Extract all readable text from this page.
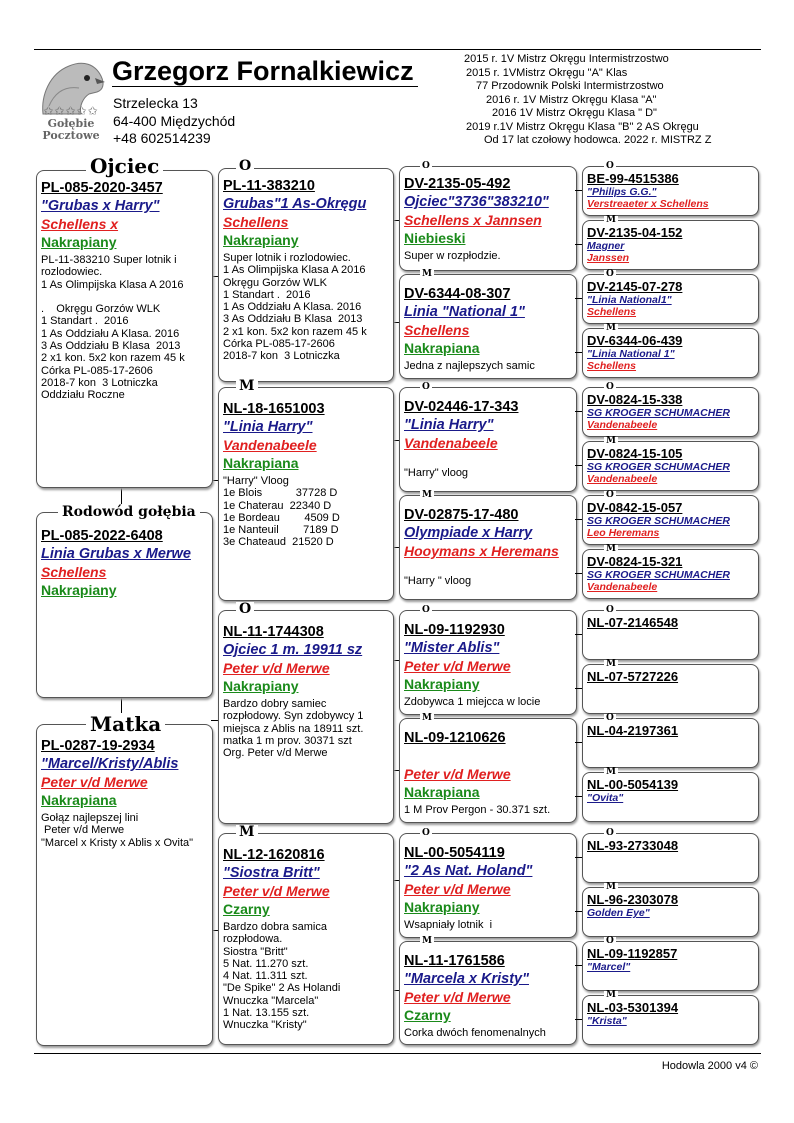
✩✩✩✩✩
Gołębie
Pocztowe
Grzegorz Fornalkiewicz
Strzelecka 13
64-400 Międzychód
+48 602514239
2015 r. 1V Mistrz Okręgu Intermistrzostwo
2015 r. 1VMistrz Okręgu "A" Klas
77 Przodownik Polski Intermistrzostwo
2016 r. 1V Mistrz Okręgu Klasa "A"
2016 1V Mistrz Okręgu Klasa " D"
2019 r.1V Mistrz Okręgu Klasa "B" 2 AS Okręgu
Od 17 lat czołowy hodowca. 2022 r. MISTRZ Z
PL-085-2020-3457
"Grubas x Harry"
Schellens x
Nakrapiany
PL-11-383210 Super lotnik i
rozlodowiec.
1 As Olimpijska Klasa A 2016

.    Okręgu Gorzów WLK
1 Standart .  2016
1 As Oddziału A Klasa. 2016
3 As Oddziału B Klasa  2013
2 x1 kon. 5x2 kon razem 45 k
Córka PL-085-17-2606
2018-7 kon  3 Lotniczka
Oddziału Roczne
Ojciec
PL-085-2022-6408
Linia Grubas x Merwe
Schellens
Nakrapiany
Rodowód gołębia
PL-0287-19-2934
"Marcel/Kristy/Ablis
Peter v/d Merwe
Nakrapiana
Gołąz najlepszej lini
Peter v/d Merwe
"Marcel x Kristy x Ablis x Ovita"
Matka
PL-11-383210
Grubas"1 As-Okręgu
Schellens
Nakrapiany
Super lotnik i rozlodowiec.
1 As Olimpijska Klasa A 2016
Okręgu Gorzów WLK
1 Standart .  2016
1 As Oddziału A Klasa. 2016
3 As Oddziału B Klasa  2013
2 x1 kon. 5x2 kon razem 45 k
Córka PL-085-17-2606
2018-7 kon  3 Lotniczka
O
NL-18-1651003
"Linia Harry"
Vandenabeele
Nakrapiana
"Harry" Vloog
1e Blois           37728 D
1e Chaterau  22340 D
1e Bordeau        4509 D
1e Nanteuil        7189 D
3e Chateaud  21520 D
M
NL-11-1744308
Ojciec 1 m. 19911 sz
Peter v/d Merwe
Nakrapiany
Bardzo dobry samiec
rozpłodowy. Syn zdobywcy 1
miejsca z Ablis na 18911 szt.
matka 1 m prov. 30371 szt
Org. Peter v/d Merwe
O
NL-12-1620816
"Siostra Britt"
Peter v/d Merwe
Czarny
Bardzo dobra samica
rozpłodowa.
Siostra "Britt"
5 Nat. 11.270 szt.
4 Nat. 11.311 szt.
"De Spike" 2 As Holandi
Wnuczka "Marcela"
1 Nat. 13.155 szt.
Wnuczka "Kristy"
M
DV-2135-05-492
Ojciec"3736"383210"
Schellens x Jannsen
Niebieski
Super w rozpłodzie.
O
DV-6344-08-307
Linia "National 1"
Schellens
Nakrapiana
Jedna z najlepszych samic
M
DV-02446-17-343
"Linia Harry"
Vandenabeele

"Harry" vloog
O
DV-02875-17-480
Olympiade x Harry
Hooymans x Heremans

"Harry " vloog
M
NL-09-1192930
"Mister Ablis"
Peter v/d Merwe
Nakrapiany
Zdobywca 1 miejcca w locie
O
NL-09-1210626
Peter v/d Merwe
Nakrapiana
1 M Prov Pergon - 30.371 szt.
M
NL-00-5054119
"2 As Nat. Holand"
Peter v/d Merwe
Nakrapiany
Wsapniały lotnik  i
O
NL-11-1761586
"Marcela x Kristy"
Peter v/d Merwe
Czarny
Corka dwóch fenomenalnych
M
BE-99-4515386
"Philips G.G."
Verstreaeter x Schellens
O
DV-2135-04-152
Magner
Janssen
M
DV-2145-07-278
"Linia National1"
Schellens
O
DV-6344-06-439
"Linia National 1"
Schellens
M
DV-0824-15-338
SG KROGER SCHUMACHER
Vandenabeele
O
DV-0824-15-105
SG KROGER SCHUMACHER
Vandenabeele
M
DV-0842-15-057
SG KROGER SCHUMACHER
Leo Heremans
O
DV-0824-15-321
SG KROGER SCHUMACHER
Vandenabeele
M
NL-07-2146548
O
NL-07-5727226
M
NL-04-2197361
O
NL-00-5054139
"Ovita"
M
NL-93-2733048
O
NL-96-2303078
Golden Eye"
M
NL-09-1192857
"Marcel"
O
NL-03-5301394
"Krista"
M
Hodowla 2000 v4 ©
